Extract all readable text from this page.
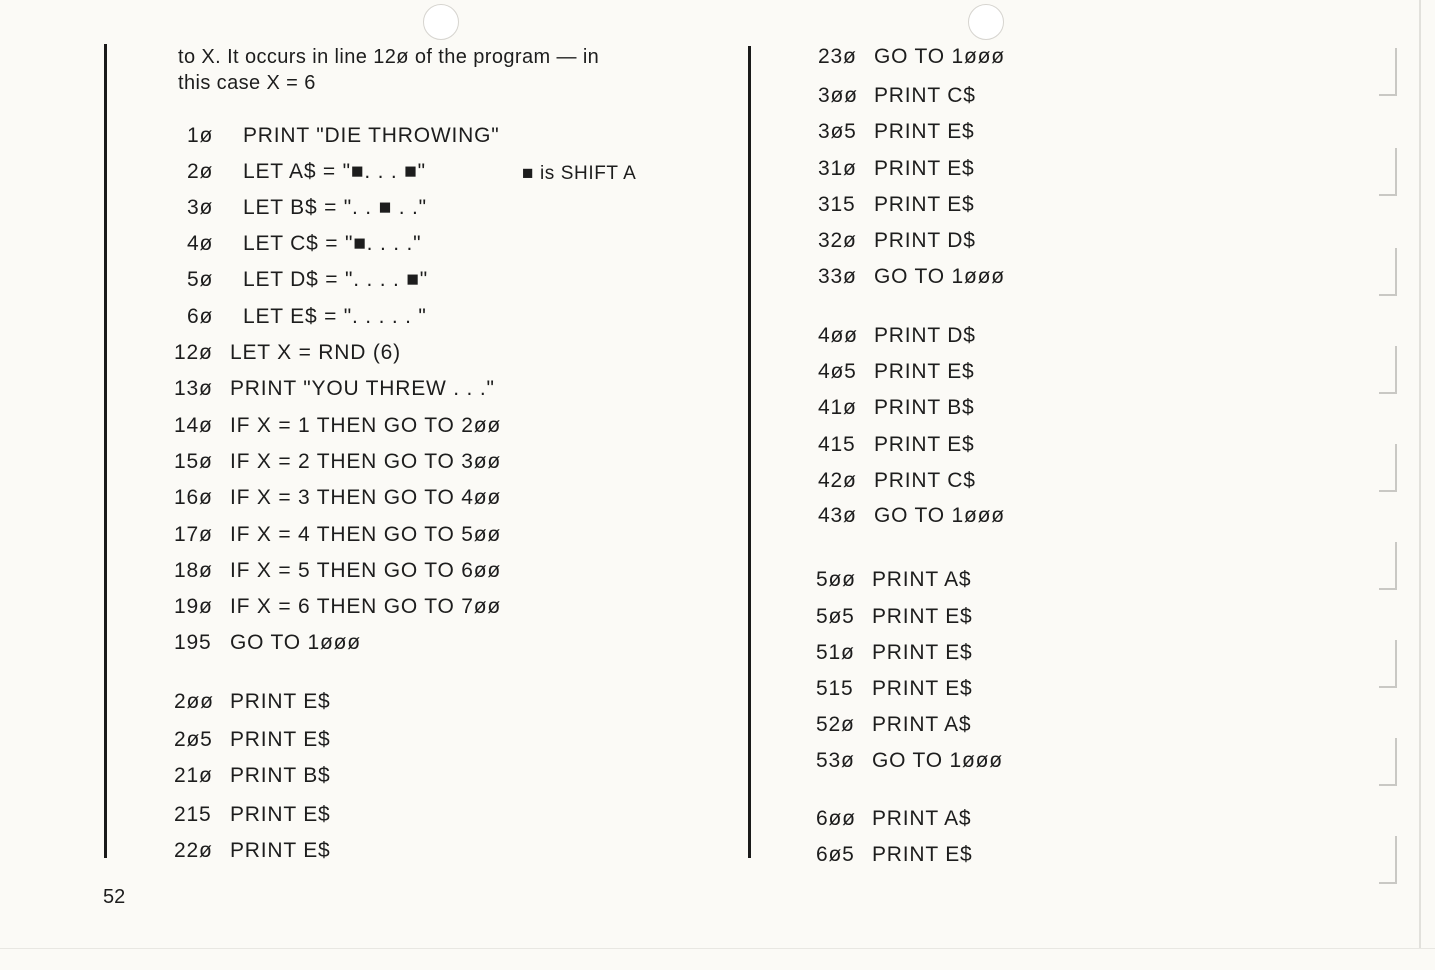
to X. It occurs in line 12ø of the program — in
this case X = 6
■ is SHIFT A
1ø PRINT "DIE THROWING"
2ø LET A$ = "■. . . ■"
3ø LET B$ = ". . ■ . ."
4ø LET C$ = "■. . . ."
5ø LET D$ = ". . . . ■"
6ø LET E$ = ". . . . . "
12ø LET X = RND (6)
13ø PRINT "YOU THREW . . ."
14ø IF X = 1 THEN GO TO 2øø
15ø IF X = 2 THEN GO TO 3øø
16ø IF X = 3 THEN GO TO 4øø
17ø IF X = 4 THEN GO TO 5øø
18ø IF X = 5 THEN GO TO 6øø
19ø IF X = 6 THEN GO TO 7øø
195 GO TO 1øøø
2øø PRINT E$
2ø5 PRINT E$
21ø PRINT B$
215 PRINT E$
22ø PRINT E$
23ø GO TO 1øøø
3øø PRINT C$
3ø5 PRINT E$
31ø PRINT E$
315 PRINT E$
32ø PRINT D$
33ø GO TO 1øøø
4øø PRINT D$
4ø5 PRINT E$
41ø PRINT B$
415 PRINT E$
42ø PRINT C$
43ø GO TO 1øøø
5øø PRINT A$
5ø5 PRINT E$
51ø PRINT E$
515 PRINT E$
52ø PRINT A$
53ø GO TO 1øøø
6øø PRINT A$
6ø5 PRINT E$
52
